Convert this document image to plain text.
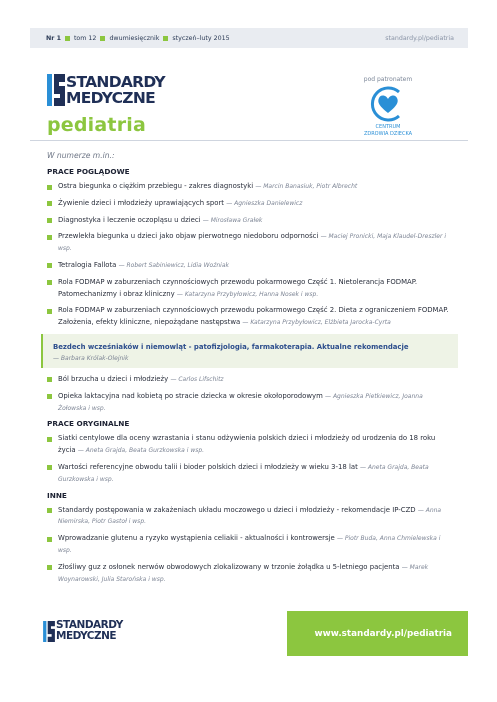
Nr 1 tom 12 dwumiesięcznik styczeń–luty 2015	standardy.pl/pediatria
STANDARDY
MEDYCZNE
pediatria
pod patronatem
CENTRUM
ZDROWIA DZIECKA
W numerze m.in.:
PRACE POGLĄDOWE
Ostra biegunka o ciężkim przebiegu - zakres diagnostyki — Marcin Banasiuk, Piotr Albrecht
Żywienie dzieci i młodzieży uprawiających sport — Agnieszka Danielewicz
Diagnostyka i leczenie oczopląsu u dzieci — Mirosława Grałek
Przewlekła biegunka u dzieci jako objaw pierwotnego niedoboru odporności — Maciej Pronicki, Maja Klaudel-Dreszler i wsp.
Tetralogia Fallota — Robert Sabiniewicz, Lidia Woźniak
Rola FODMAP w zaburzeniach czynnościowych przewodu pokarmowego Część 1. Nietolerancja FODMAP. Patomechanizmy i obraz kliniczny — Katarzyna Przybyłowicz, Hanna Nosek i wsp.
Rola FODMAP w zaburzeniach czynnościowych przewodu pokarmowego Część 2. Dieta z ograniczeniem FODMAP. Założenia, efekty kliniczne, niepożądane następstwa — Katarzyna Przybyłowicz, Elżbieta Jarocka-Cyrta
Bezdech wcześniaków i niemowląt - patofizjologia, farmakoterapia. Aktualne rekomendacje
— Barbara Królak-Olejnik
Ból brzucha u dzieci i młodzieży — Carlos Lifschitz
Opieka laktacyjna nad kobietą po stracie dziecka w okresie okołoporodowym — Agnieszka Pietkiewicz, Joanna Żołowska i wsp.
PRACE ORYGINALNE
Siatki centylowe dla oceny wzrastania i stanu odżywienia polskich dzieci i młodzieży od urodzenia do 18 roku życia — Aneta Grajda, Beata Gurzkowska i wsp.
Wartości referencyjne obwodu talii i bioder polskich dzieci i młodzieży w wieku 3-18 lat — Aneta Grajda, Beata Gurzkowska i wsp.
INNE
Standardy postępowania w zakażeniach układu moczowego u dzieci i młodzieży - rekomendacje IP-CZD — Anna Niemirska, Piotr Gastoł i wsp.
Wprowadzanie glutenu a ryzyko wystąpienia celiakii - aktualności i kontrowersje — Piotr Buda, Anna Chmielewska i wsp.
Złośliwy guz z osłonek nerwów obwodowych zlokalizowany w trzonie żołądka u 5-letniego pacjenta — Marek Woynarowski, Julia Starońska i wsp.
STANDARDY
MEDYCZNE	www.standardy.pl/ pediatria
